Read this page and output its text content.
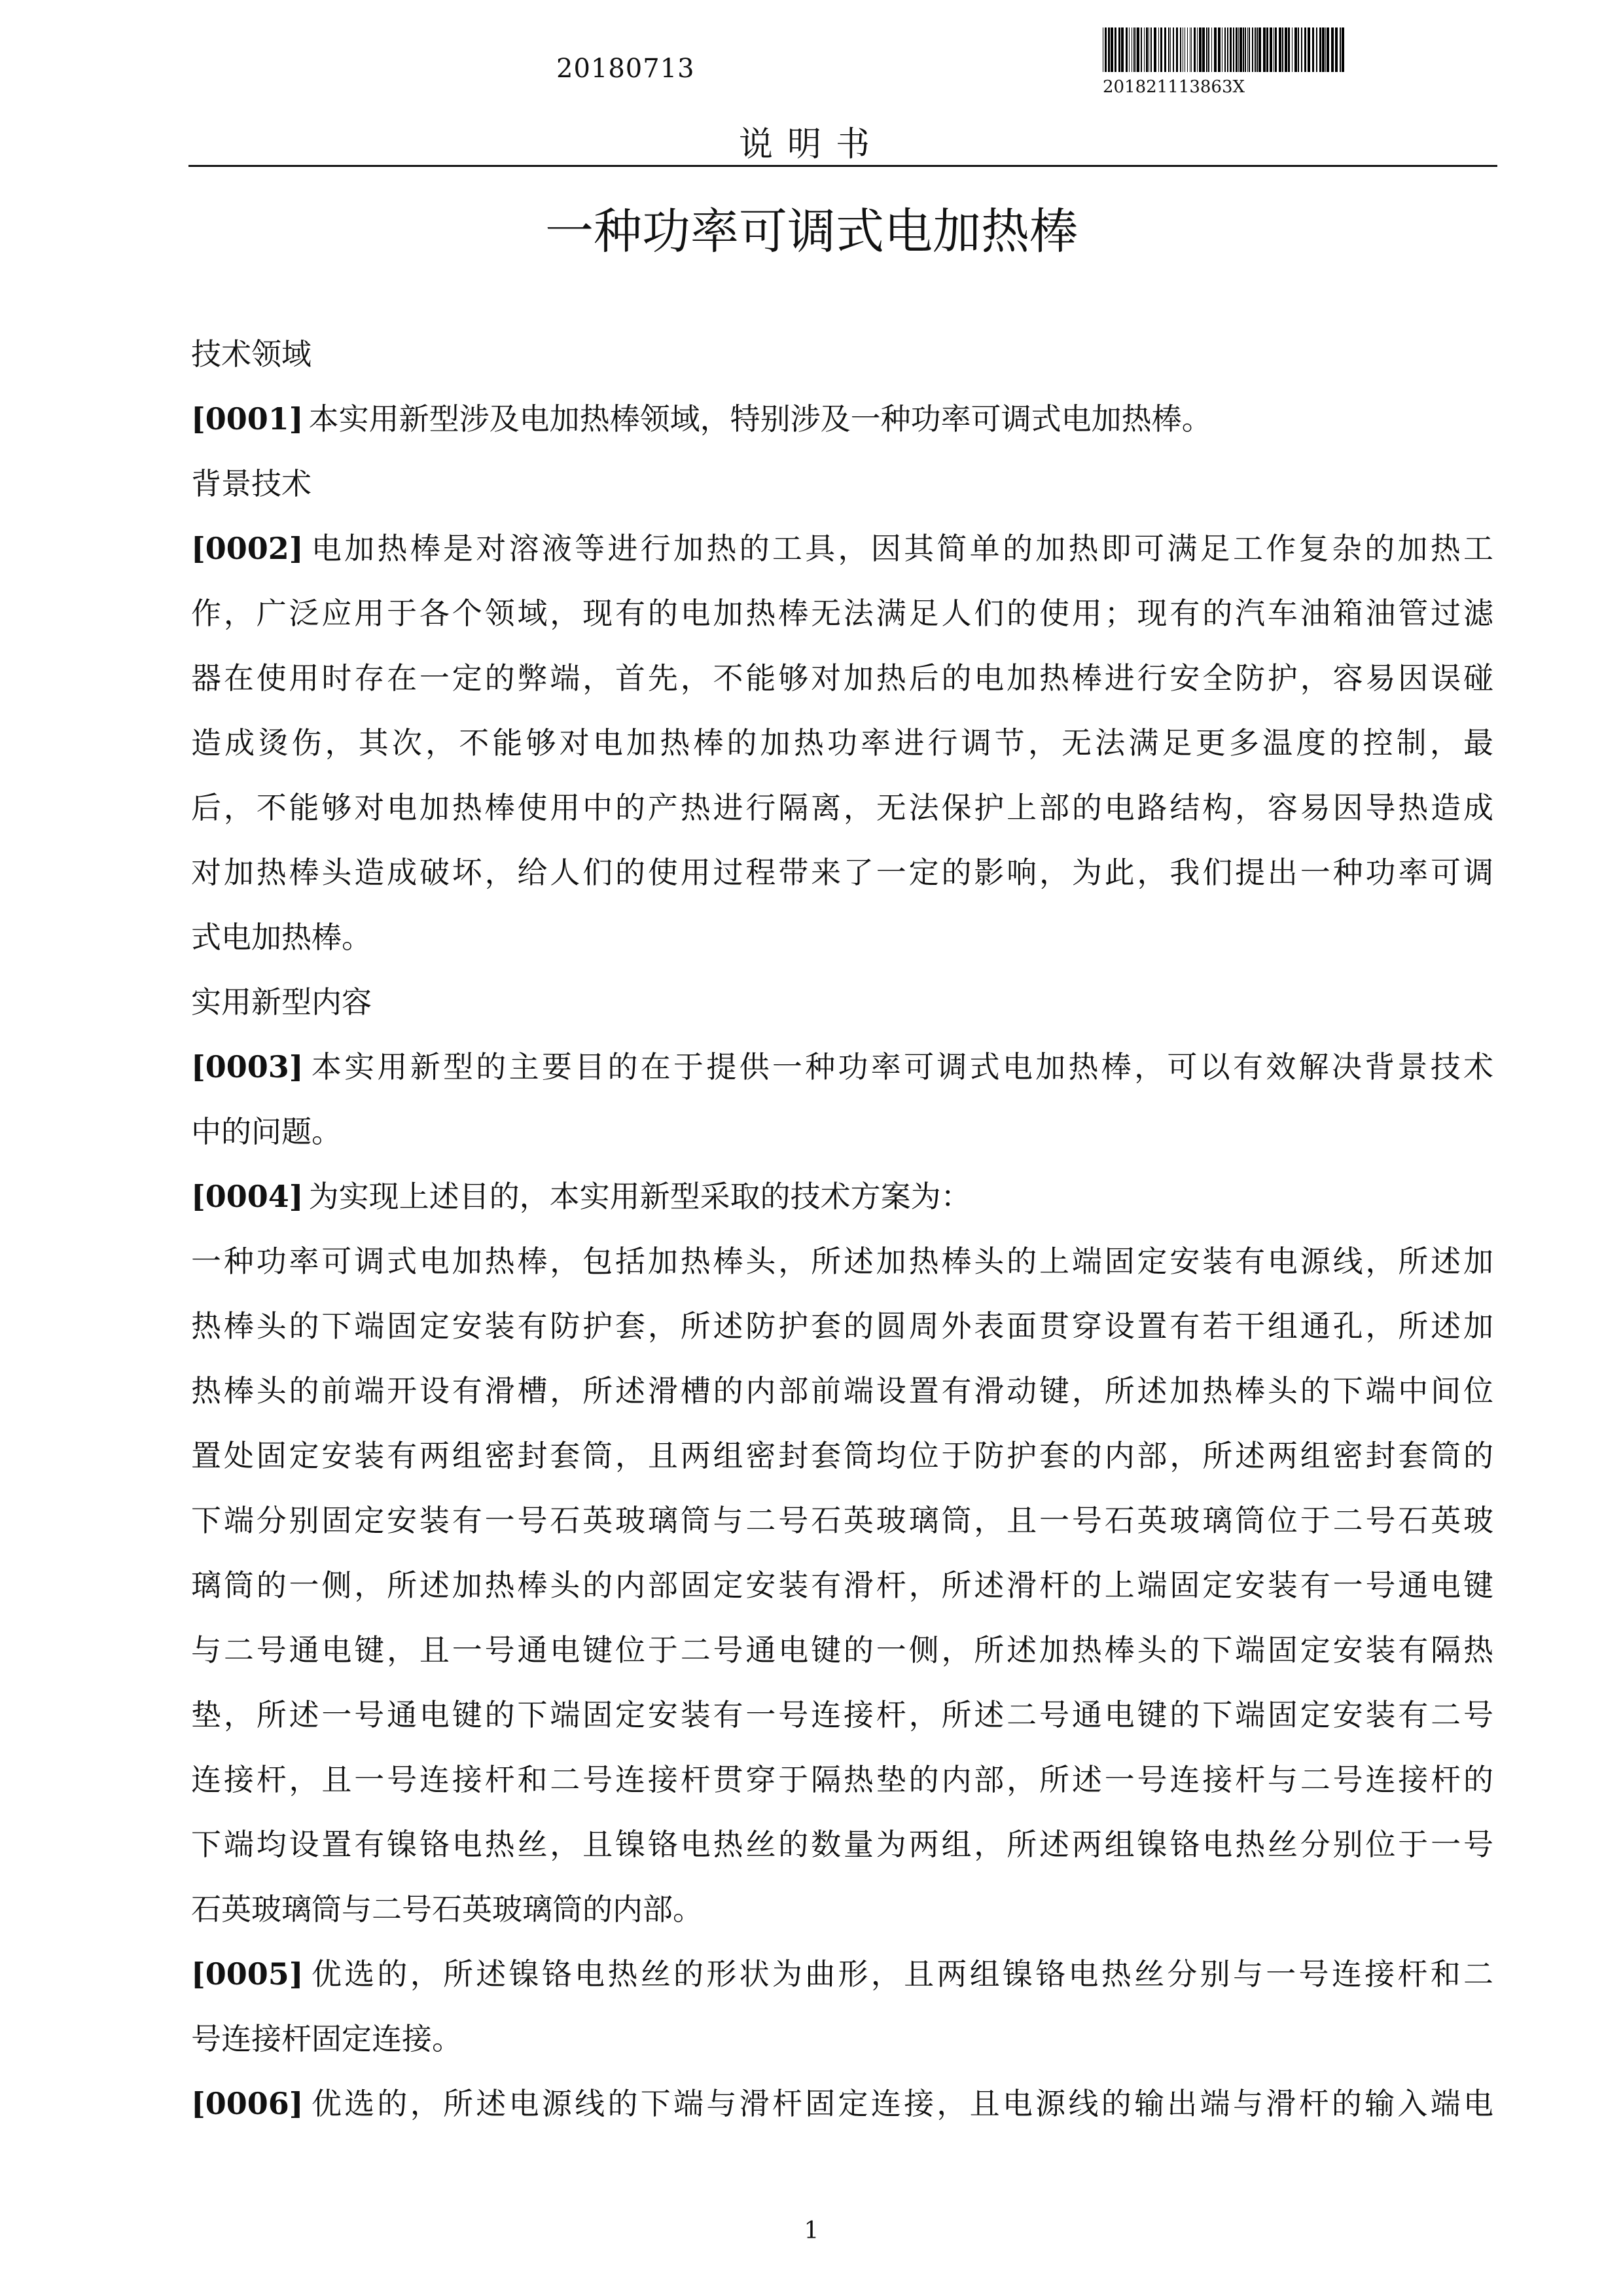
20180713
201821113863X
说明书
一种功率可调式电加热棒
技术领域
[0001] 本实用新型涉及电加热棒领域，特别涉及一种功率可调式电加热棒。
背景技术
[0002] 电加热棒是对溶液等进行加热的工具，因其简单的加热即可满足工作复杂的加热工
作，广泛应用于各个领域，现有的电加热棒无法满足人们的使用；现有的汽车油箱油管过滤
器在使用时存在一定的弊端，首先，不能够对加热后的电加热棒进行安全防护，容易因误碰
造成烫伤，其次，不能够对电加热棒的加热功率进行调节，无法满足更多温度的控制，最
后，不能够对电加热棒使用中的产热进行隔离，无法保护上部的电路结构，容易因导热造成
对加热棒头造成破坏，给人们的使用过程带来了一定的影响，为此，我们提出一种功率可调
式电加热棒。
实用新型内容
[0003] 本实用新型的主要目的在于提供一种功率可调式电加热棒，可以有效解决背景技术
中的问题。
[0004] 为实现上述目的，本实用新型采取的技术方案为：
一种功率可调式电加热棒，包括加热棒头，所述加热棒头的上端固定安装有电源线，所述加
热棒头的下端固定安装有防护套，所述防护套的圆周外表面贯穿设置有若干组通孔，所述加
热棒头的前端开设有滑槽，所述滑槽的内部前端设置有滑动键，所述加热棒头的下端中间位
置处固定安装有两组密封套筒，且两组密封套筒均位于防护套的内部，所述两组密封套筒的
下端分别固定安装有一号石英玻璃筒与二号石英玻璃筒，且一号石英玻璃筒位于二号石英玻
璃筒的一侧，所述加热棒头的内部固定安装有滑杆，所述滑杆的上端固定安装有一号通电键
与二号通电键，且一号通电键位于二号通电键的一侧，所述加热棒头的下端固定安装有隔热
垫，所述一号通电键的下端固定安装有一号连接杆，所述二号通电键的下端固定安装有二号
连接杆，且一号连接杆和二号连接杆贯穿于隔热垫的内部，所述一号连接杆与二号连接杆的
下端均设置有镍铬电热丝，且镍铬电热丝的数量为两组，所述两组镍铬电热丝分别位于一号
石英玻璃筒与二号石英玻璃筒的内部。
[0005] 优选的，所述镍铬电热丝的形状为曲形，且两组镍铬电热丝分别与一号连接杆和二
号连接杆固定连接。
[0006] 优选的，所述电源线的下端与滑杆固定连接，且电源线的输出端与滑杆的输入端电
1
